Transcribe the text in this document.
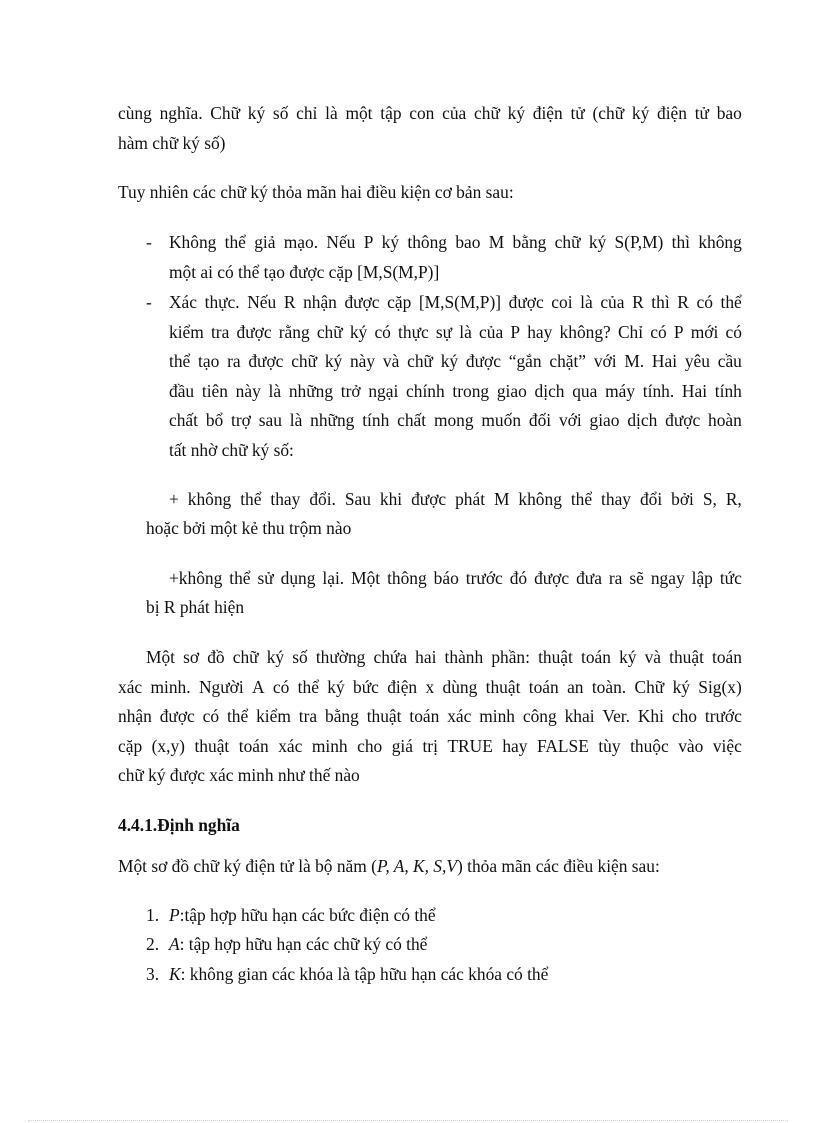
cùng nghĩa. Chữ ký số chỉ là một tập con của chữ ký điện tử (chữ ký điện tử bao
hàm chữ ký số)
Tuy nhiên các chữ ký thỏa mãn hai điều kiện cơ bản sau:
- Không thể giả mạo. Nếu P ký thông bao M bằng chữ ký S(P,M) thì không
một ai có thể tạo được cặp [M,S(M,P)]
- Xác thực. Nếu R nhận được cặp [M,S(M,P)] được coi là của R thì R có thể
kiểm tra được rằng chữ ký có thực sự là của P hay không? Chỉ có P mới có
thể tạo ra được chữ ký này và chữ ký được “gắn chặt” với M. Hai yêu cầu
đầu tiên này là những trở ngại chính trong giao dịch qua máy tính. Hai tính
chất bổ trợ sau là những tính chất mong muốn đối với giao dịch được hoàn
tất nhờ chữ ký số:
+ không thể thay đổi. Sau khi được phát M không thể thay đổi bởi S, R,
hoặc bởi một kẻ thu trộm nào
+không thể sử dụng lại. Một thông báo trước đó được đưa ra sẽ ngay lập tức
bị R phát hiện
Một sơ đồ chữ ký số thường chứa hai thành phần: thuật toán ký và thuật toán
xác minh. Người A có thể ký bức điện x dùng thuật toán an toàn. Chữ ký Sig(x)
nhận được có thể kiểm tra bằng thuật toán xác minh công khai Ver. Khi cho trước
cặp (x,y) thuật toán xác minh cho giá trị TRUE hay FALSE tùy thuộc vào việc
chữ ký được xác minh như thế nào
4.4.1.Định nghĩa
Một sơ đồ chữ ký điện tử là bộ năm (P, A, K, S,V) thỏa mãn các điều kiện sau:
1. P:tập hợp hữu hạn các bức điện có thể
2. A: tập hợp hữu hạn các chữ ký có thể
3. K: không gian các khóa là tập hữu hạn các khóa có thể
